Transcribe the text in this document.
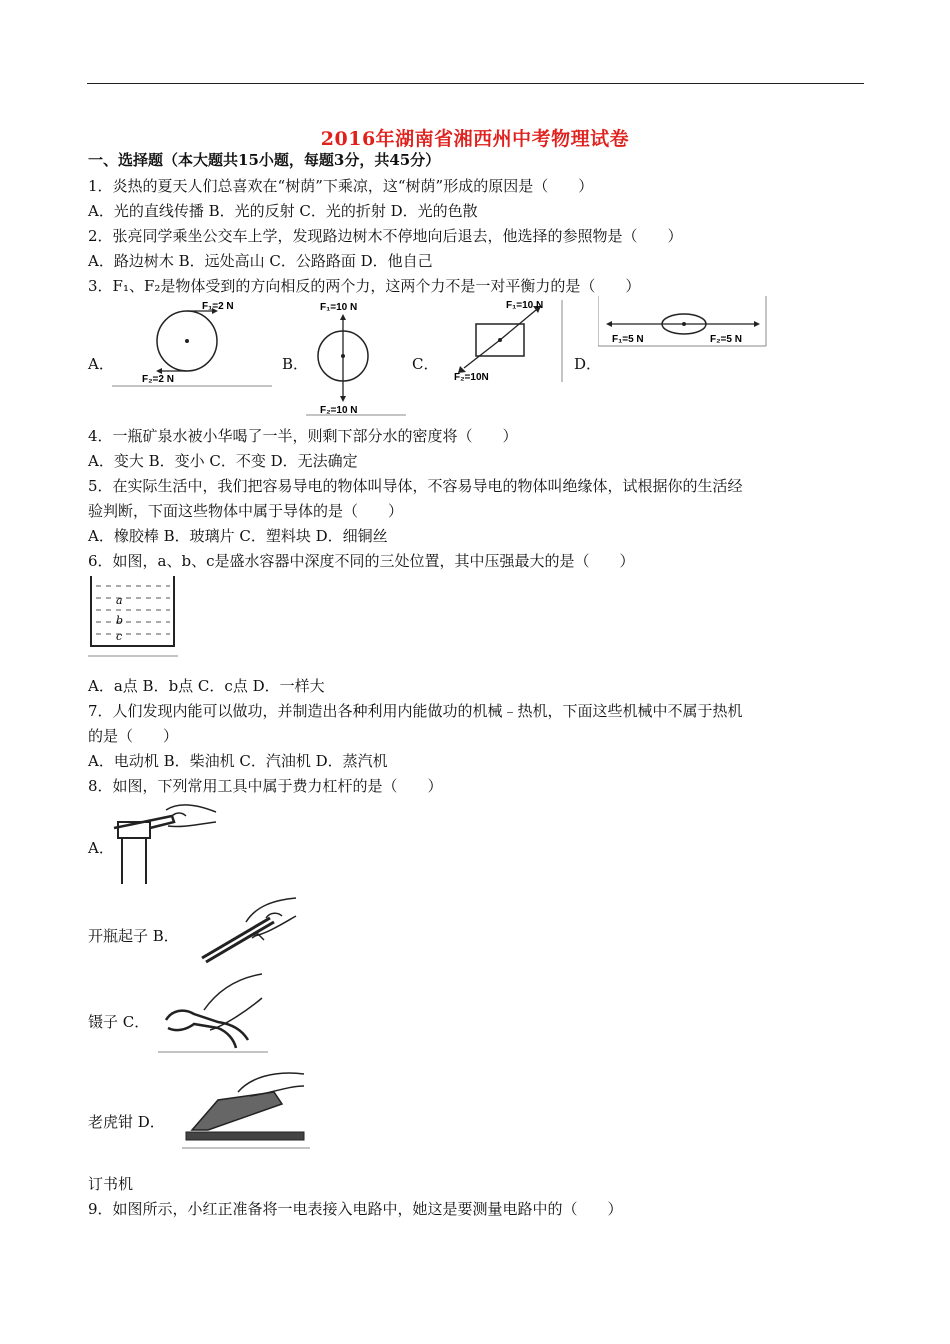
2016年湖南省湘西州中考物理试卷
一、选择题（本大题共15小题，每题3分，共45分）
1．炎热的夏天人们总喜欢在“树荫”下乘凉，这“树荫”形成的原因是（　　）
A．光的直线传播 B．光的反射 C．光的折射 D．光的色散
2．张亮同学乘坐公交车上学，发现路边树木不停地向后退去，他选择的参照物是（　　）
A．路边树木 B．远处高山 C．公路路面 D．他自己
3．F₁、F₂是物体受到的方向相反的两个力，这两个力不是一对平衡力的是（　　）
A．
F₁=2 N
F₂=2 N
B．
F₁=10 N
F₂=10 N
C．
F₁=10 N
F₂=10N
D．
F₁=5 N	F₂=5 N
4．一瓶矿泉水被小华喝了一半，则剩下部分水的密度将（　　）
A．变大 B．变小 C．不变 D．无法确定
5．在实际生活中，我们把容易导电的物体叫导体，不容易导电的物体叫绝缘体，试根据你的生活经
验判断，下面这些物体中属于导体的是（　　）
A．橡胶棒 B．玻璃片 C．塑料块 D．细铜丝
6．如图，a、b、c是盛水容器中深度不同的三处位置，其中压强最大的是（　　）
a
b
c
A．a点 B．b点 C．c点 D．一样大
7．人们发现内能可以做功，并制造出各种利用内能做功的机械﹣热机，下面这些机械中不属于热机
的是（　　）
A．电动机 B．柴油机 C．汽油机 D．蒸汽机
8．如图，下列常用工具中属于费力杠杆的是（　　）
A．
开瓶起子 B．
镊子 C．
老虎钳 D．
订书机
9．如图所示，小红正准备将一电表接入电路中，她这是要测量电路中的（　　）
